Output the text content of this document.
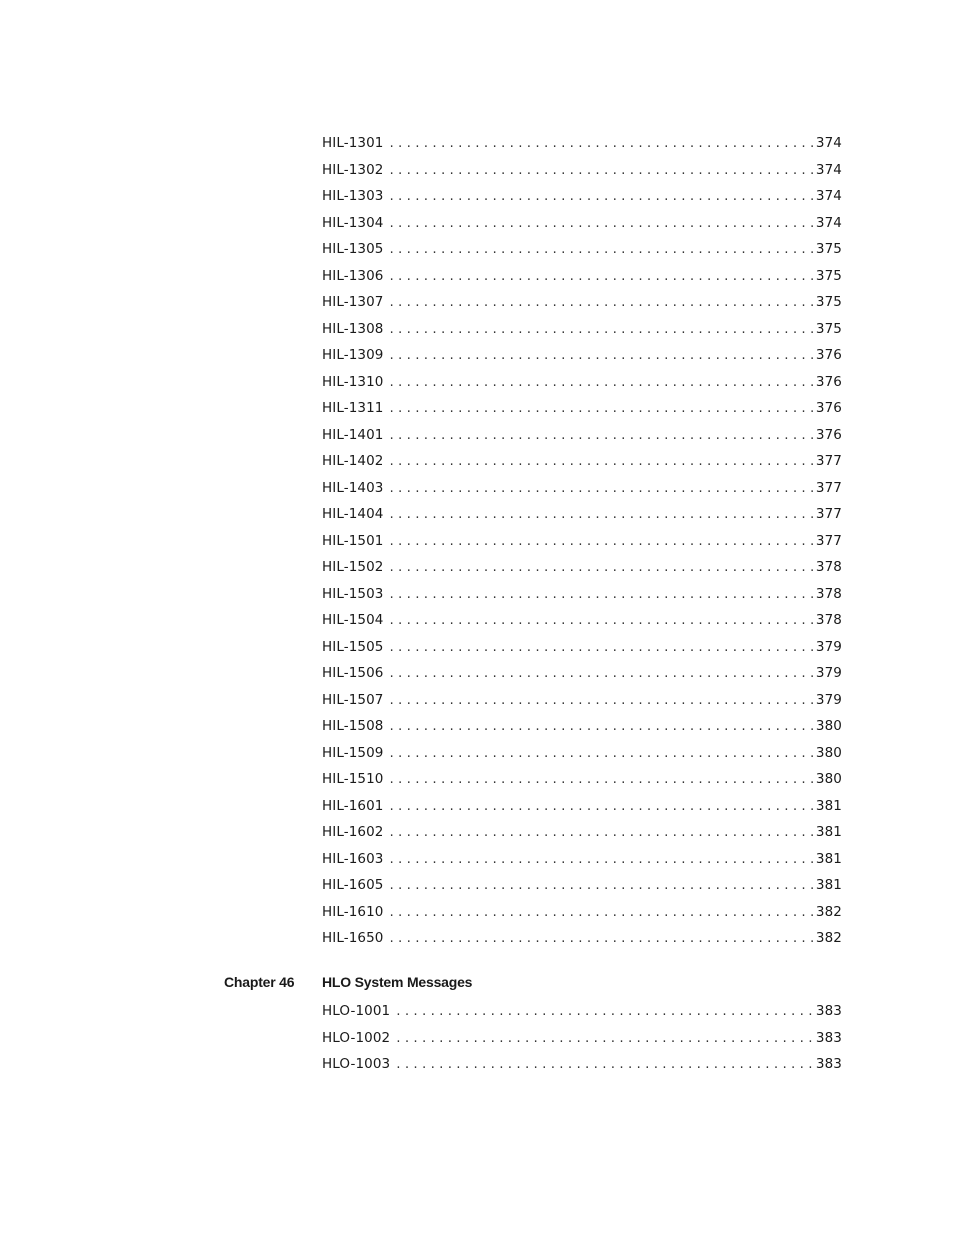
HIL-1301 . . .	374
HIL-1302 . . .	374
HIL-1303 . . .	374
HIL-1304 . . .	374
HIL-1305 . . .	375
HIL-1306 . . .	375
HIL-1307 . . .	375
HIL-1308 . . .	375
HIL-1309 . . .	376
HIL-1310 . . .	376
HIL-1311 . . .	376
HIL-1401 . . .	376
HIL-1402 . . .	377
HIL-1403 . . .	377
HIL-1404 . . .	377
HIL-1501 . . .	377
HIL-1502 . . .	378
HIL-1503 . . .	378
HIL-1504 . . .	378
HIL-1505 . . .	379
HIL-1506 . . .	379
HIL-1507 . . .	379
HIL-1508 . . .	380
HIL-1509 . . .	380
HIL-1510 . . .	380
HIL-1601 . . .	381
HIL-1602 . . .	381
HIL-1603 . . .	381
HIL-1605 . . .	381
HIL-1610 . . .	382
HIL-1650 . . .	382
Chapter 46 HLO System Messages
HLO-1001 . . .	383
HLO-1002 . . .	383
HLO-1003 . . .	383
